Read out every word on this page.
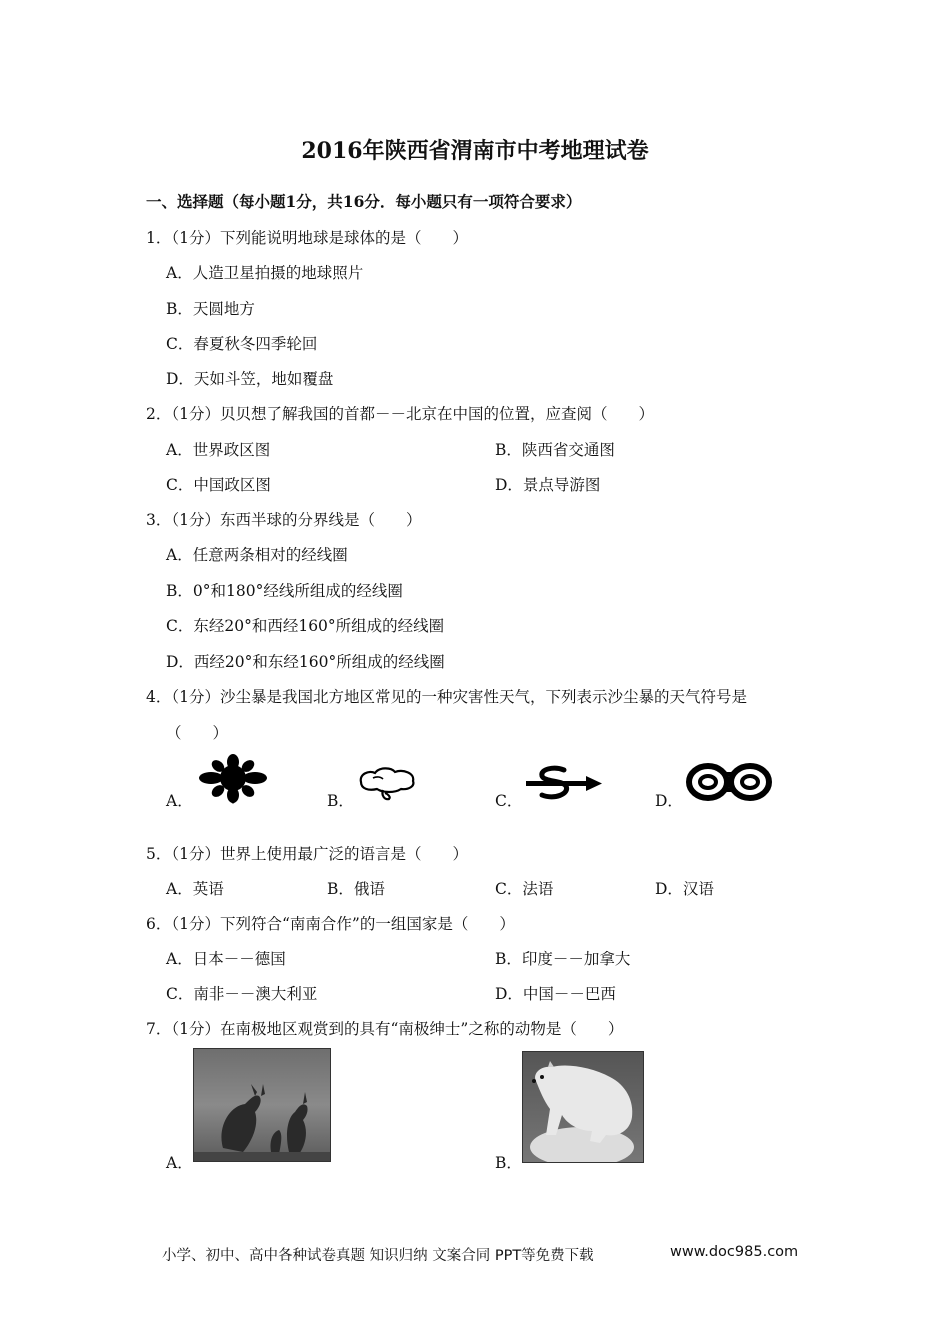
2016年陕西省渭南市中考地理试卷
一、选择题（每小题1分，共16分．每小题只有一项符合要求）
1．（1分）下列能说明地球是球体的是（　　）
A．人造卫星拍摄的地球照片
B．天圆地方
C．春夏秋冬四季轮回
D．天如斗笠，地如覆盘
2．（1分）贝贝想了解我国的首都－－北京在中国的位置，应查阅（　　）
A．世界政区图	B．陕西省交通图
C．中国政区图	D．景点导游图
3．（1分）东西半球的分界线是（　　）
A．任意两条相对的经线圈
B．0°和180°经线所组成的经线圈
C．东经20°和西经160°所组成的经线圈
D．西经20°和东经160°所组成的经线圈
4．（1分）沙尘暴是我国北方地区常见的一种灾害性天气，下列表示沙尘暴的天气符号是
（　　）
A．	B．	C．	D．
5．（1分）世界上使用最广泛的语言是（　　）
A．英语	B．俄语	C．法语	D．汉语
6．（1分）下列符合“南南合作”的一组国家是（　　）
A．日本－－德国	B．印度－－加拿大
C．南非－－澳大利亚	D．中国－－巴西
7．（1分）在南极地区观赏到的具有“南极绅士”之称的动物是（　　）
A．	B．
小学、初中、高中各种试卷真题 知识归纳 文案合同 PPT等免费下载	www.doc985.com
